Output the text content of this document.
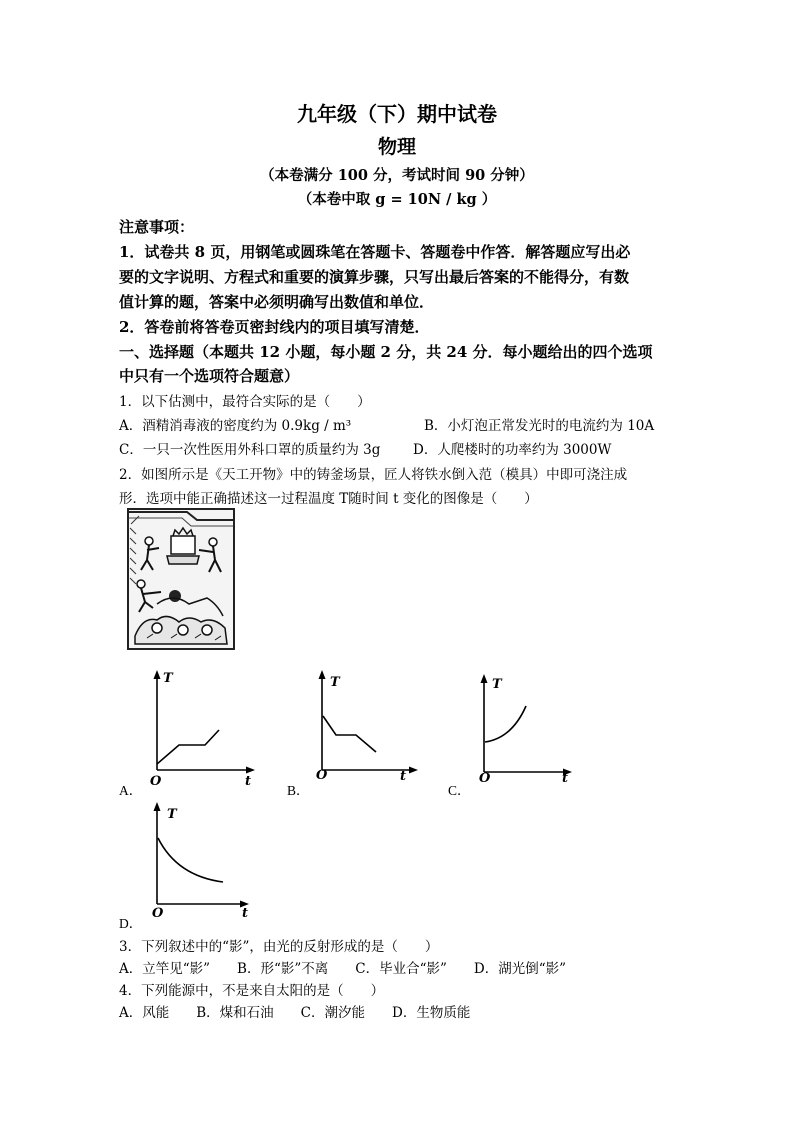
九年级（下）期中试卷
物理
（本卷满分 100 分，考试时间 90 分钟）
（本卷中取 g = 10N / kg ）
注意事项：
1．试卷共 8 页，用钢笔或圆珠笔在答题卡、答题卷中作答．解答题应写出必
要的文字说明、方程式和重要的演算步骤，只写出最后答案的不能得分，有数
值计算的题，答案中必须明确写出数值和单位．
2．答卷前将答卷页密封线内的项目填写清楚．
一、选择题（本题共 12 小题，每小题 2 分，共 24 分．每小题给出的四个选项
中只有一个选项符合题意）
1．以下估测中，最符合实际的是（　　）
A．酒精消毒液的密度约为 0.9kg / m³	B．小灯泡正常发光时的电流约为 10A
C．一只一次性医用外科口罩的质量约为 3g D．人爬楼时的功率约为 3000W
2．如图所示是《天工开物》中的铸釜场景，匠人将铁水倒入范（模具）中即可浇注成
形．选项中能正确描述这一过程温度 T随时间 t 变化的图像是（　　）
T
O	t
A．
T
O	t
B．
T
O	t
C．
T
O	t
D．
3．下列叙述中的“影”，由光的反射形成的是（　　）
A．立竿见“影”　　B．形“影”不离　　C．毕业合“影”　　D．湖光倒“影”
4．下列能源中，不是来自太阳的是（　　）
A．风能　　B．煤和石油　　C．潮汐能　　D．生物质能
